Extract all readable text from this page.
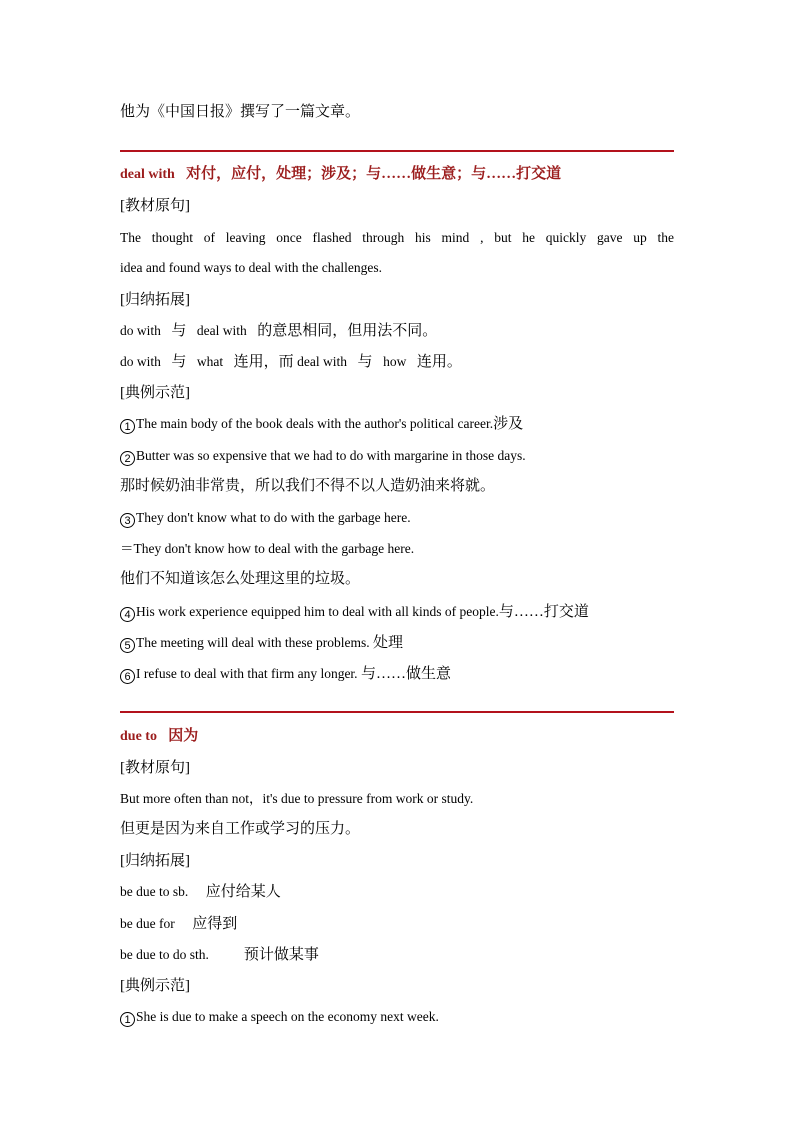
他为《中国日报》撰写了一篇文章。
deal with 对付，应付，处理；涉及；与……做生意；与……打交道
[教材原句]
The thought of leaving once flashed through his mind , but he quickly gave up the
idea and found ways to deal with the challenges.
[归纳拓展]
do with 与 deal with 的意思相同，但用法不同。
do with 与 what 连用，而 deal with 与 how 连用。
[典例示范]
1 The main body of the book deals with the author's political career.涉及
2 Butter was so expensive that we had to do with margarine in those days.
那时候奶油非常贵，所以我们不得不以人造奶油来将就。
3 They don't know what to do with the garbage here.
＝They don't know how to deal with the garbage here.
他们不知道该怎么处理这里的垃圾。
4 His work experience equipped him to deal with all kinds of people.与……打交道
5 The meeting will deal with these problems. 处理
6 I refuse to deal with that firm any longer. 与……做生意
due to 因为
[教材原句]
But more often than not，it's due to pressure from work or study.
但更是因为来自工作或学习的压力。
[归纳拓展]
be due to sb. 应付给某人
be due for 应得到
be due to do sth. 预计做某事
[典例示范]
1 She is due to make a speech on the economy next week.
